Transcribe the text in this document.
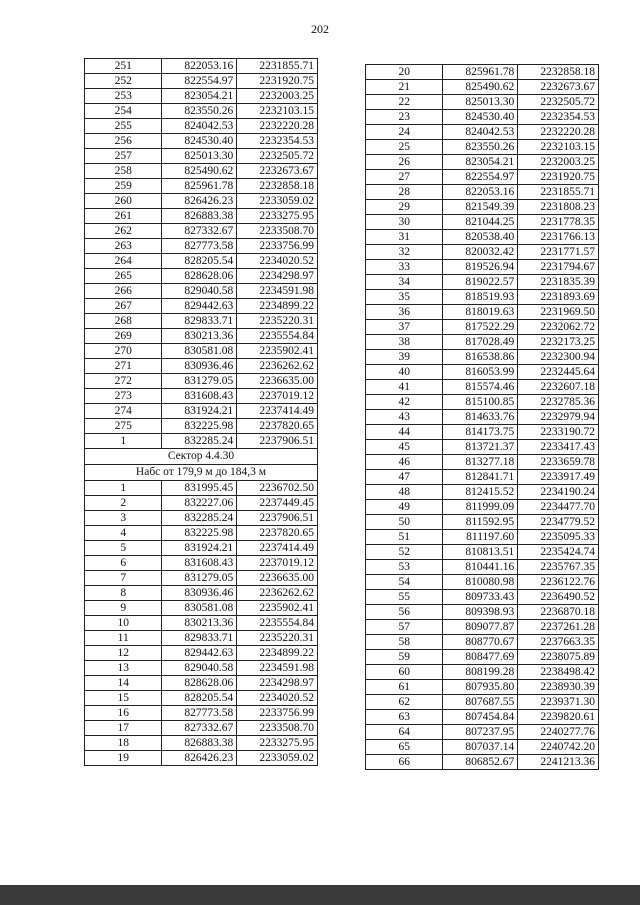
202
251	822053.16	2231855.71
252	822554.97	2231920.75
253	823054.21	2232003.25
254	823550.26	2232103.15
255	824042.53	2232220.28
256	824530.40	2232354.53
257	825013.30	2232505.72
258	825490.62	2232673.67
259	825961.78	2232858.18
260	826426.23	2233059.02
261	826883.38	2233275.95
262	827332.67	2233508.70
263	827773.58	2233756.99
264	828205.54	2234020.52
265	828628.06	2234298.97
266	829040.58	2234591.98
267	829442.63	2234899.22
268	829833.71	2235220.31
269	830213.36	2235554.84
270	830581.08	2235902.41
271	830936.46	2236262.62
272	831279.05	2236635.00
273	831608.43	2237019.12
274	831924.21	2237414.49
275	832225.98	2237820.65
1	832285.24	2237906.51
Сектор 4.4.30		
Набс от 179,9 м до 184,3 м		
1	831995.45	2236702.50
2	832227.06	2237449.45
3	832285.24	2237906.51
4	832225.98	2237820.65
5	831924.21	2237414.49
6	831608.43	2237019.12
7	831279.05	2236635.00
8	830936.46	2236262.62
9	830581.08	2235902.41
10	830213.36	2235554.84
11	829833.71	2235220.31
12	829442.63	2234899.22
13	829040.58	2234591.98
14	828628.06	2234298.97
15	828205.54	2234020.52
16	827773.58	2233756.99
17	827332.67	2233508.70
18	826883.38	2233275.95
19	826426.23	2233059.02
20	825961.78	2232858.18
21	825490.62	2232673.67
22	825013.30	2232505.72
23	824530.40	2232354.53
24	824042.53	2232220.28
25	823550.26	2232103.15
26	823054.21	2232003.25
27	822554.97	2231920.75
28	822053.16	2231855.71
29	821549.39	2231808.23
30	821044.25	2231778.35
31	820538.40	2231766.13
32	820032.42	2231771.57
33	819526.94	2231794.67
34	819022.57	2231835.39
35	818519.93	2231893.69
36	818019.63	2231969.50
37	817522.29	2232062.72
38	817028.49	2232173.25
39	816538.86	2232300.94
40	816053.99	2232445.64
41	815574.46	2232607.18
42	815100.85	2232785.36
43	814633.76	2232979.94
44	814173.75	2233190.72
45	813721.37	2233417.43
46	813277.18	2233659.78
47	812841.71	2233917.49
48	812415.52	2234190.24
49	811999.09	2234477.70
50	811592.95	2234779.52
51	811197.60	2235095.33
52	810813.51	2235424.74
53	810441.16	2235767.35
54	810080.98	2236122.76
55	809733.43	2236490.52
56	809398.93	2236870.18
57	809077.87	2237261.28
58	808770.67	2237663.35
59	808477.69	2238075.89
60	808199.28	2238498.42
61	807935.80	2238930.39
62	807687.55	2239371.30
63	807454.84	2239820.61
64	807237.95	2240277.76
65	807037.14	2240742.20
66	806852.67	2241213.36
